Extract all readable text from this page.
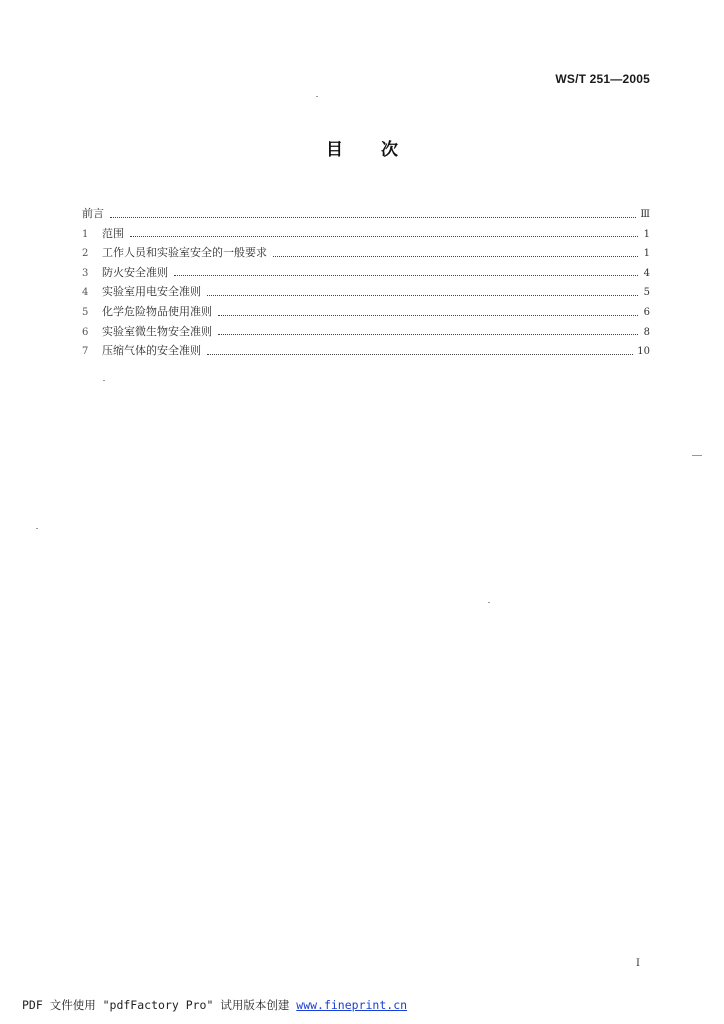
WS/T 251—2005
目 次
前言	Ⅲ
1	范围	1
2	工作人员和实验室安全的一般要求	1
3	防火安全准则	4
4	实验室用电安全准则	5
5	化学危险物品使用准则	6
6	实验室微生物安全准则	8
7	压缩气体的安全准则	10
I
PDF 文件使用 "pdfFactory Pro" 试用版本创建 www.fineprint.cn
